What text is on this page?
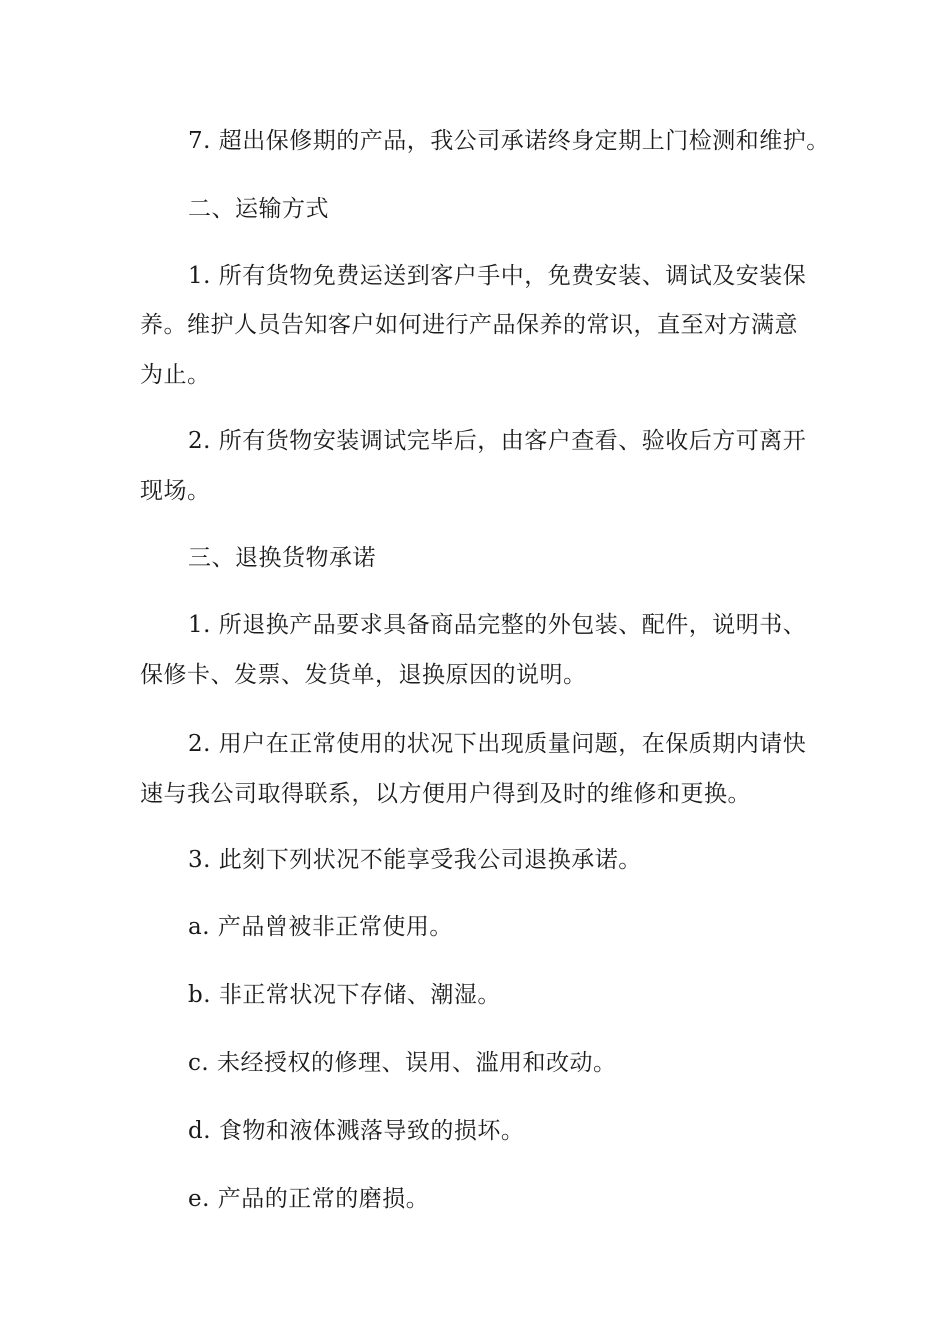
7. 超出保修期的产品，我公司承诺终身定期上门检测和维护。
二、运输方式
1. 所有货物免费运送到客户手中，免费安装、调试及安装保
养。维护人员告知客户如何进行产品保养的常识，直至对方满意
为止。
2. 所有货物安装调试完毕后，由客户查看、验收后方可离开
现场。
三、退换货物承诺
1. 所退换产品要求具备商品完整的外包装、配件，说明书、
保修卡、发票、发货单，退换原因的说明。
2. 用户在正常使用的状况下出现质量问题，在保质期内请快
速与我公司取得联系，以方便用户得到及时的维修和更换。
3. 此刻下列状况不能享受我公司退换承诺。
a. 产品曾被非正常使用。
b. 非正常状况下存储、潮湿。
c. 未经授权的修理、误用、滥用和改动。
d. 食物和液体溅落导致的损坏。
e. 产品的正常的磨损。
